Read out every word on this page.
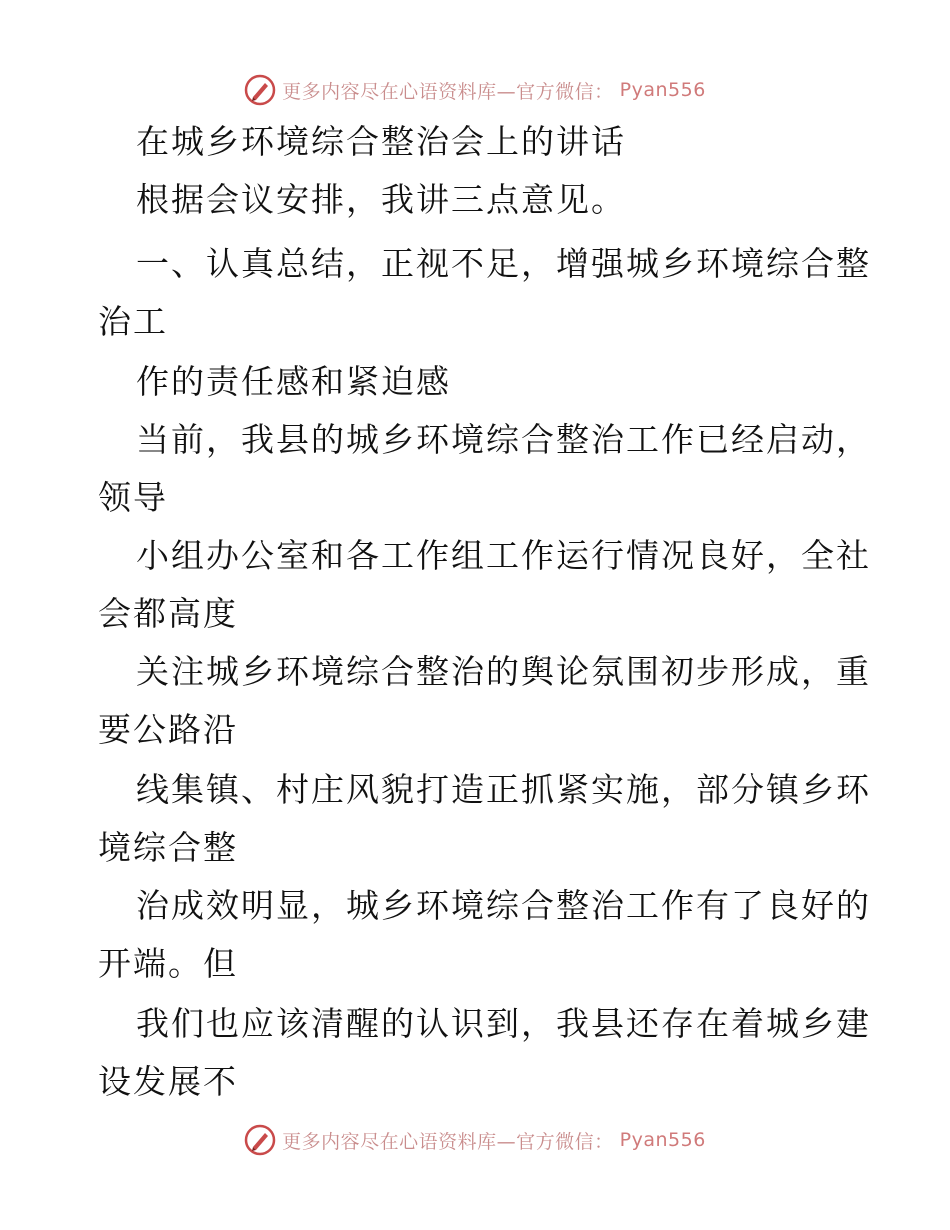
更多内容尽在心语资料库—官方微信： Pyan556
在城乡环境综合整治会上的讲话
根据会议安排，我讲三点意见。
一、认真总结，正视不足，增强城乡环境综合整
治工
作的责任感和紧迫感
当前，我县的城乡环境综合整治工作已经启动，
领导
小组办公室和各工作组工作运行情况良好，全社
会都高度
关注城乡环境综合整治的舆论氛围初步形成，重
要公路沿
线集镇、村庄风貌打造正抓紧实施，部分镇乡环
境综合整
治成效明显，城乡环境综合整治工作有了良好的
开端。但
我们也应该清醒的认识到，我县还存在着城乡建
设发展不
更多内容尽在心语资料库—官方微信： Pyan556
